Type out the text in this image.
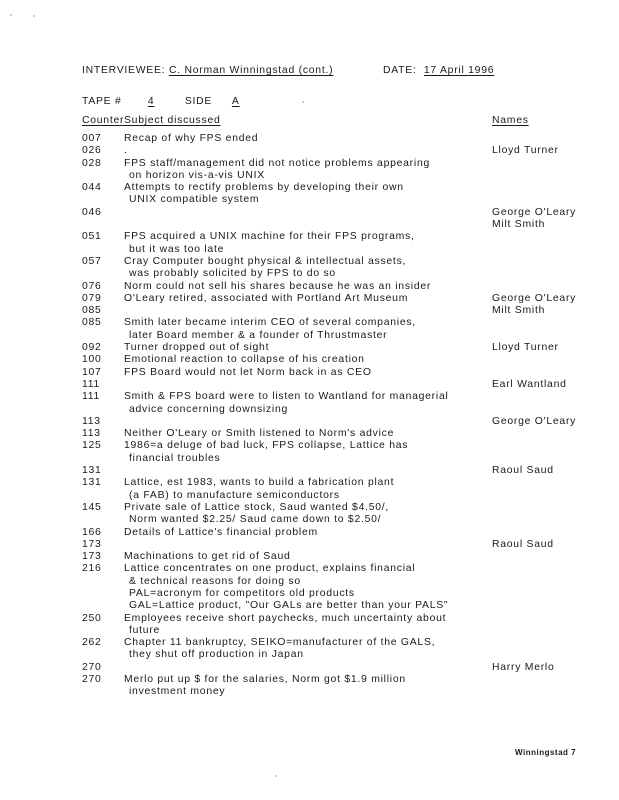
INTERVIEWEE: C. Norman Winningstad (cont.)	DATE: 17 April 1996
TAPE #	4	SIDE A
Counter Subject discussed	Names
007 Recap of why FPS ended
026 .	Lloyd Turner
028 FPS staff/management did not notice problems appearing
on horizon vis-a-vis UNIX
044 Attempts to rectify problems by developing their own
UNIX compatible system
046	George O'Leary
Milt Smith
051 FPS acquired a UNIX machine for their FPS programs,
but it was too late
057 Cray Computer bought physical & intellectual assets,
was probably solicited by FPS to do so
076 Norm could not sell his shares because he was an insider
079 O'Leary retired, associated with Portland Art Museum	George O'Leary
085	Milt Smith
085 Smith later became interim CEO of several companies,
later Board member & a founder of Thrustmaster
092 Turner dropped out of sight	Lloyd Turner
100 Emotional reaction to collapse of his creation
107 FPS Board would not let Norm back in as CEO
111	Earl Wantland
111 Smith & FPS board were to listen to Wantland for managerial
advice concerning downsizing
113	George O'Leary
113 Neither O'Leary or Smith listened to Norm's advice
125 1986=a deluge of bad luck, FPS collapse, Lattice has
financial troubles
131	Raoul Saud
131 Lattice, est 1983, wants to build a fabrication plant
(a FAB) to manufacture semiconductors
145 Private sale of Lattice stock, Saud wanted $4.50/,
Norm wanted $2.25/ Saud came down to $2.50/
166 Details of Lattice's financial problem
173	Raoul Saud
173 Machinations to get rid of Saud
216 Lattice concentrates on one product, explains financial
& technical reasons for doing so
PAL=acronym for competitors old products
GAL=Lattice product, "Our GALs are better than your PALS"
250 Employees receive short paychecks, much uncertainty about
future
262 Chapter 11 bankruptcy, SEIKO=manufacturer of the GALS,
they shut off production in Japan
270	Harry Merlo
270 Merlo put up $ for the salaries, Norm got $1.9 million
investment money
Winningstad 7
